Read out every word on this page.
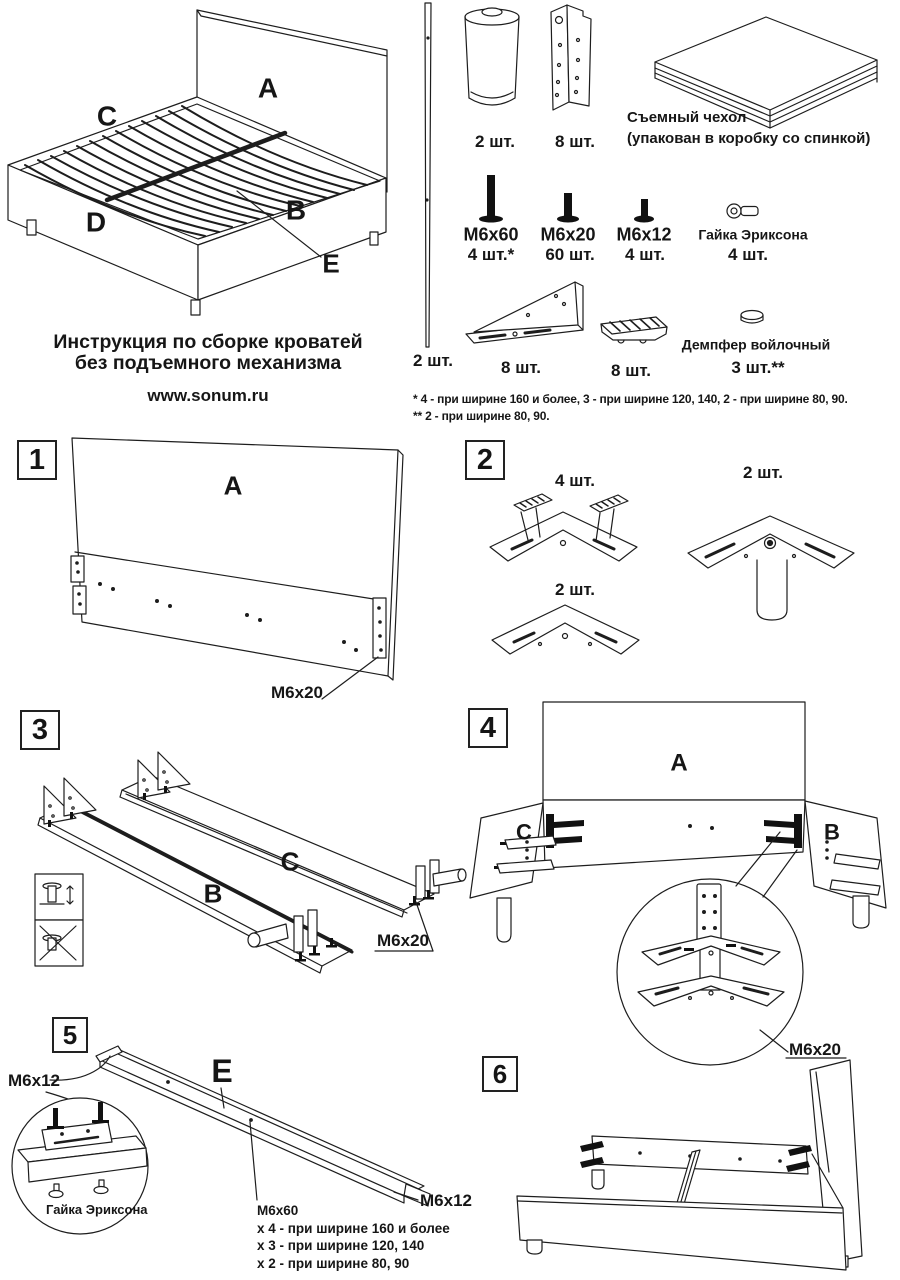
A
C
B
D
E
2 шт.
2 шт. 8 шт.
Съемный чехол
(упакован в коробку со спинкой)
M6x60
4 шт.*
M6x20
60 шт.
M6x12
4 шт.
Гайка Эриксона
4 шт.
8 шт.	8 шт.
Демпфер войлочный
3 шт.**
* 4 - при ширине 160 и более, 3 - при ширине 120, 140, 2 - при ширине 80, 90.
** 2 - при ширине 80, 90.
Инструкция по сборке кроватей
без подъемного механизма
www.sonum.ru
1	2
3	4
5
6
A
M6x20
4 шт.	2 шт.
2 шт.
B
C
M6x20
A
C	B
M6x20
E
M6x12
Гайка Эриксона	M6x12
M6x60
x 4 - при ширине 160 и более
x 3 - при ширине 120, 140
x 2 - при ширине 80, 90
